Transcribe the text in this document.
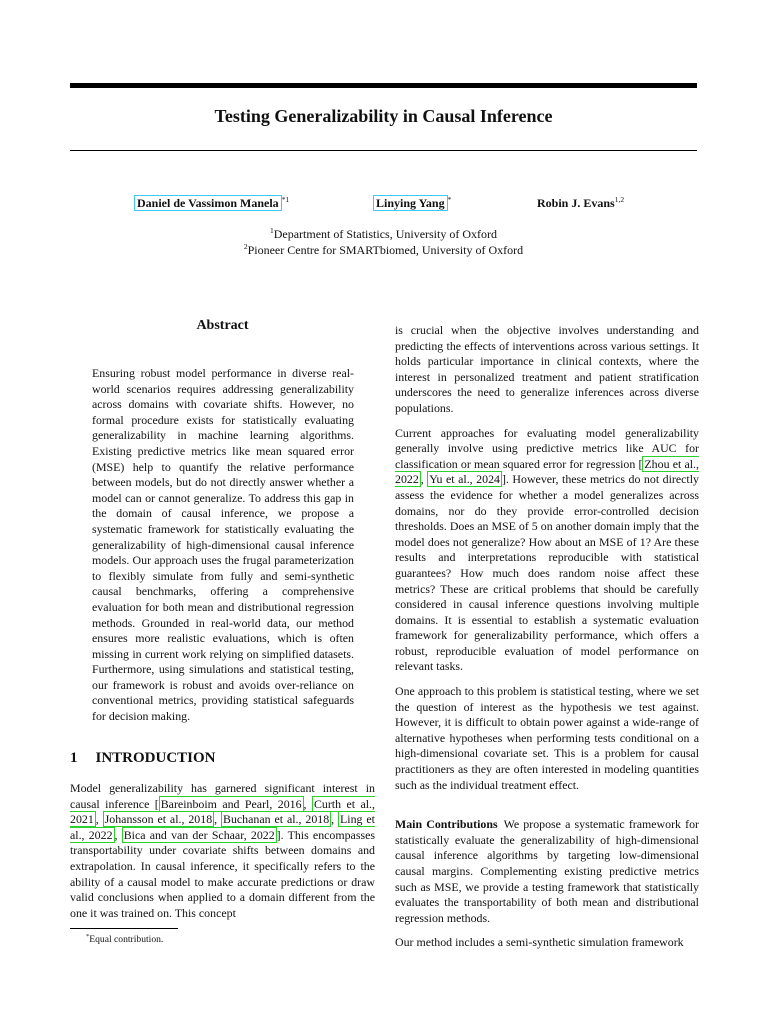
Testing Generalizability in Causal Inference
Daniel de Vassimon Manela $^{*1}$	Linying Yang *	Robin J. Evans$^{1,2}$
$^1$Department of Statistics, University of Oxford
$^2$Pioneer Centre for SMARTbiomed, University of Oxford
Abstract
Ensuring robust model performance in diverse real-world scenarios requires addressing generalizability across domains with covariate shifts. However, no formal procedure exists for statistically evaluating generalizability in machine learning algorithms. Existing predictive metrics like mean squared error (MSE) help to quantify the relative performance between models, but do not directly answer whether a model can or cannot generalize. To address this gap in the domain of causal inference, we propose a systematic framework for statistically evaluating the generalizability of high-dimensional causal inference models. Our approach uses the frugal parameterization to flexibly simulate from fully and semi-synthetic causal benchmarks, offering a comprehensive evaluation for both mean and distributional regression methods. Grounded in real-world data, our method ensures more realistic evaluations, which is often missing in current work relying on simplified datasets. Furthermore, using simulations and statistical testing, our framework is robust and avoids over-reliance on conventional metrics, providing statistical safeguards for decision making.
1 INTRODUCTION

Model generalizability has garnered significant interest in causal inference [ Bareinboim and Pearl, 2016 , Curth et al., 2021 , Johansson et al., 2018 , Buchanan et al., 2018 , Ling et al., 2022 , Bica and van der Schaar, 2022 ]. This encompasses transportability under covariate shifts between domains and extrapolation. In causal inference, it specifically refers to the ability of a causal model to make accurate predictions or draw valid conclusions when applied to a domain different from the one it was trained on. This concept

*Equal contribution.

is crucial when the objective involves understanding and predicting the effects of interventions across various settings. It holds particular importance in clinical contexts, where the interest in personalized treatment and patient stratification underscores the need to generalize inferences across diverse populations.

Current approaches for evaluating model generalizability generally involve using predictive metrics like AUC for classification or mean squared error for regression [ Zhou et al., 2022 , Yu et al., 2024 ]. However, these metrics do not directly assess the evidence for whether a model generalizes across domains, nor do they provide error-controlled decision thresholds. Does an MSE of 5 on another domain imply that the model does not generalize? How about an MSE of 1? Are these results and interpretations reproducible with statistical guarantees? How much does random noise affect these metrics? These are critical problems that should be carefully considered in causal inference questions involving multiple domains. It is essential to establish a systematic evaluation framework for generalizability performance, which offers a robust, reproducible evaluation of model performance on relevant tasks.

One approach to this problem is statistical testing, where we set the question of interest as the hypothesis we test against. However, it is difficult to obtain power against a wide-range of alternative hypotheses when performing tests conditional on a high-dimensional covariate set. This is a problem for causal practitioners as they are often interested in modeling quantities such as the individual treatment effect.

Main Contributions We propose a systematic framework for statistically evaluate the generalizability of high-dimensional causal inference algorithms by targeting low-dimensional causal margins. Complementing existing predictive metrics such as MSE, we provide a testing framework that statistically evaluates the transportability of both mean and distributional regression methods.

Our method includes a semi-synthetic simulation framework
